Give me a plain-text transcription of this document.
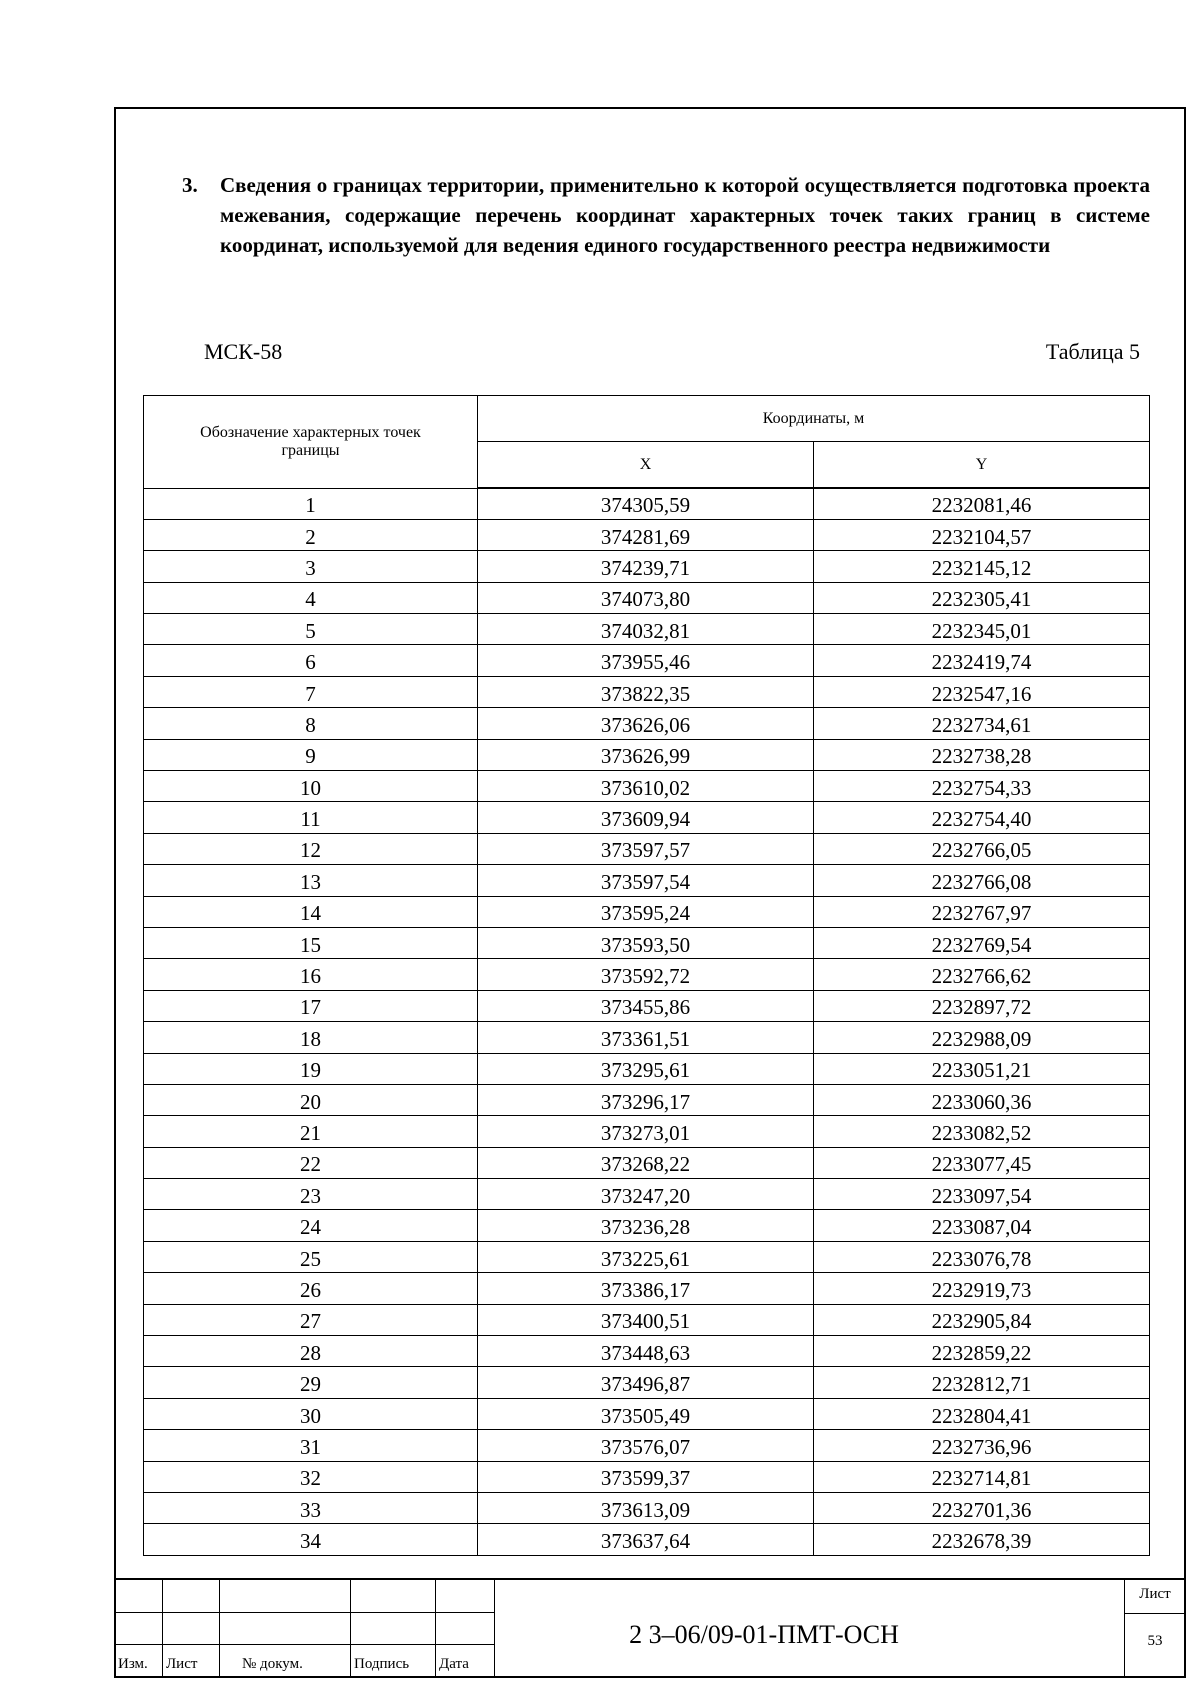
3. Сведения о границах территории, применительно к которой осуществляется подготовка проекта межевания, содержащие перечень координат характерных точек таких границ в системе координат, используемой для ведения единого государственного реестра недвижимости
МСК-58	Таблица 5
Обозначение характерных точек границы	Координаты, м	
	X	Y
1	374305,59	2232081,46
2	374281,69	2232104,57
3	374239,71	2232145,12
4	374073,80	2232305,41
5	374032,81	2232345,01
6	373955,46	2232419,74
7	373822,35	2232547,16
8	373626,06	2232734,61
9	373626,99	2232738,28
10	373610,02	2232754,33
11	373609,94	2232754,40
12	373597,57	2232766,05
13	373597,54	2232766,08
14	373595,24	2232767,97
15	373593,50	2232769,54
16	373592,72	2232766,62
17	373455,86	2232897,72
18	373361,51	2232988,09
19	373295,61	2233051,21
20	373296,17	2233060,36
21	373273,01	2233082,52
22	373268,22	2233077,45
23	373247,20	2233097,54
24	373236,28	2233087,04
25	373225,61	2233076,78
26	373386,17	2232919,73
27	373400,51	2232905,84
28	373448,63	2232859,22
29	373496,87	2232812,71
30	373505,49	2232804,41
31	373576,07	2232736,96
32	373599,37	2232714,81
33	373613,09	2232701,36
34	373637,64	2232678,39
Изм. Лист	№ докум.	Подпись Дата
2 3–06/09-01-ПМТ-ОСН
Лист
53
